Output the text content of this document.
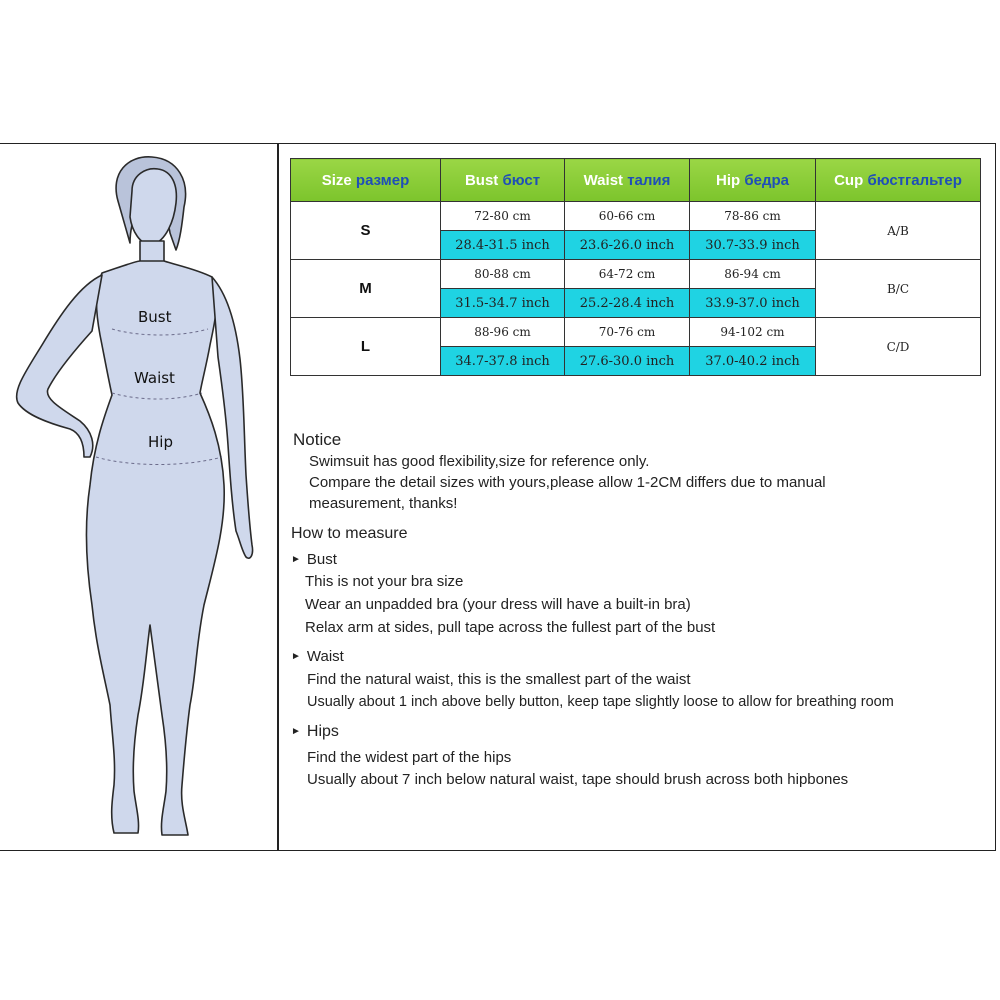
Bust
Waist
Hip
Size размер	Bust бюст	Waist талия	Hip бедра	Cup бюстгальтер
S	72-80 cm	60-66 cm	78-86 cm	A/B
	28.4-31.5 inch	23.6-26.0 inch	30.7-33.9 inch	
M	80-88 cm	64-72 cm	86-94 cm	B/C
	31.5-34.7 inch	25.2-28.4 inch	33.9-37.0 inch	
L	88-96 cm	70-76 cm	94-102 cm	C/D
	34.7-37.8 inch	27.6-30.0 inch	37.0-40.2 inch	
Notice
Swimsuit has good flexibility,size for reference only.
Compare the detail sizes with yours,please allow 1-2CM differs due to manual
measurement, thanks!
How to measure
► Bust
This is not your bra size
Wear an unpadded bra (your dress will have a built-in bra)
Relax arm at sides, pull tape across the fullest part of the bust
► Waist
Find the natural waist, this is the smallest part of the waist
Usually about 1 inch above belly button, keep tape slightly loose to allow for breathing room
► Hips
Find the widest part of the hips
Usually about 7 inch below natural waist, tape should brush across both hipbones
